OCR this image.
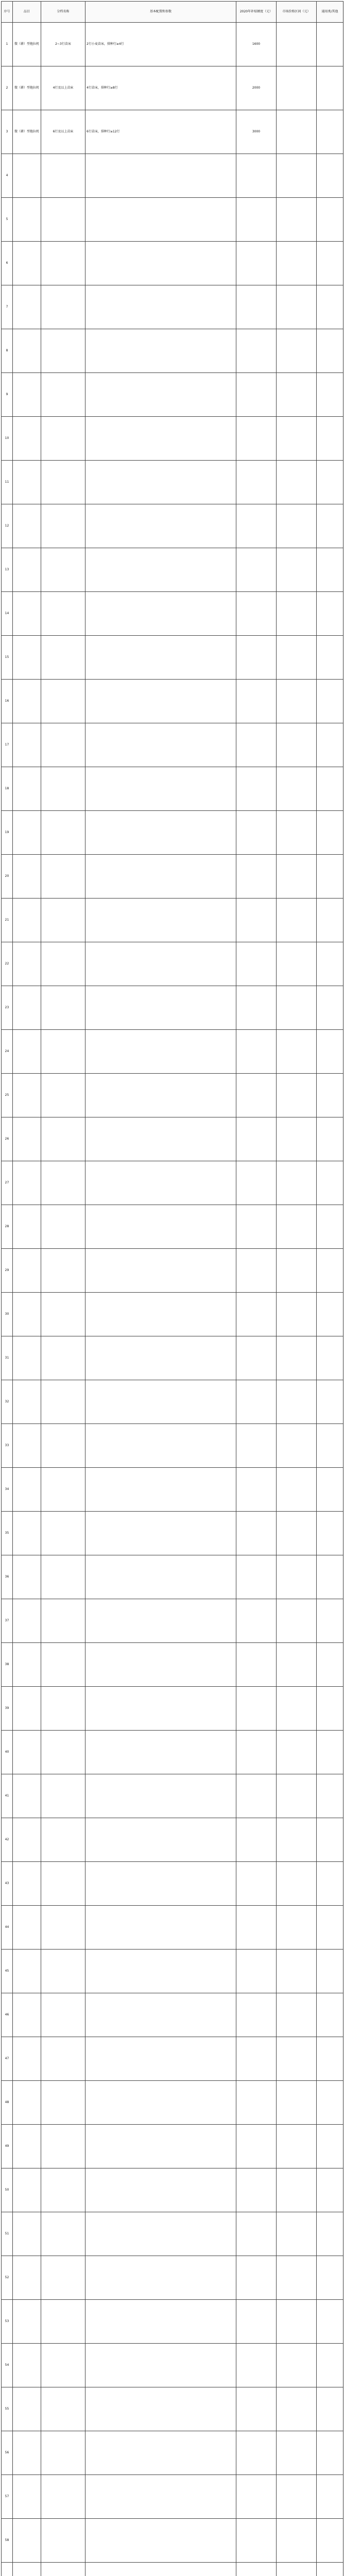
序号	品目	分档名称	基本配置和参数	2020年补贴额度（元）	市场价格区间（元）	通用类/其他
1	微（耕）型拖拉机	2~3行苗床	2行小麦苗床，排种行≥4行	1600		
2	微（耕）型拖拉机	4行及以上苗床	4行苗床，排种行≥8行	2000		
3	微（耕）型拖拉机	6行及以上苗床	6行苗床，排种行≥12行	3000		
4						
5						
6						
7						
8						
9						
10						
11						
12						
13						
14						
15						
16						
17						
18						
19						
20						
21						
22						
23						
24						
25						
26						
27						
28						
29						
30						
31						
32						
33						
34						
35						
36						
37						
38						
39						
40						
41						
42						
43						
44						
45						
46						
47						
48						
49						
50						
51						
52						
53						
54						
55						
56						
57						
58						
